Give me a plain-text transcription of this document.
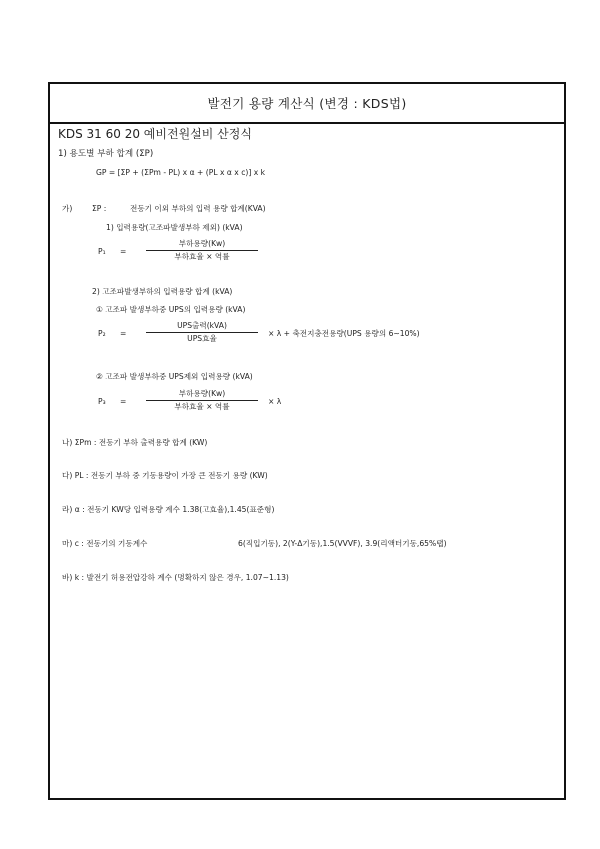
발전기 용량 계산식 (변경 : KDS법)
KDS 31 60 20 예비전원설비 산정식
1) 용도별 부하 합계 (ΣP)
GP = [ΣP + (ΣPm - PL) x α + (PL x α x c)] x k
가)	ΣP :	전동기 이외 부하의 입력 용량 합계(KVA)
1) 입력용량(고조파발생부하 제외) (kVA)
P₁ =
부하용량(Kw)
부하효율 × 역률
2) 고조파발생부하의 입력용량 합계 (kVA)
① 고조파 발생부하중 UPS의 입력용량 (kVA)
P₂ =
UPS출력(kVA)
UPS효율
× λ + 축전지충전용량(UPS 용량의 6~10%)
② 고조파 발생부하중 UPS제외 입력용량 (kVA)
P₃ =
부하용량(Kw)
부하효율 × 역률
× λ
나) ΣPm : 전동기 부하 출력용량 합계 (KW)
다) PL : 전동기 부하 중 기동용량이 가장 큰 전동기 용량 (KW)
라) α : 전동기 KW당 입력용량 계수 1.38(고효율),1.45(표준형)
마) c : 전동기의 기동계수	6(직입기동), 2(Y-Δ기동),1.5(VVVF), 3.9(리액터기동,65%탭)
바) k : 발전기 허용전압강하 계수 (명확하지 않은 경우, 1.07~1.13)
